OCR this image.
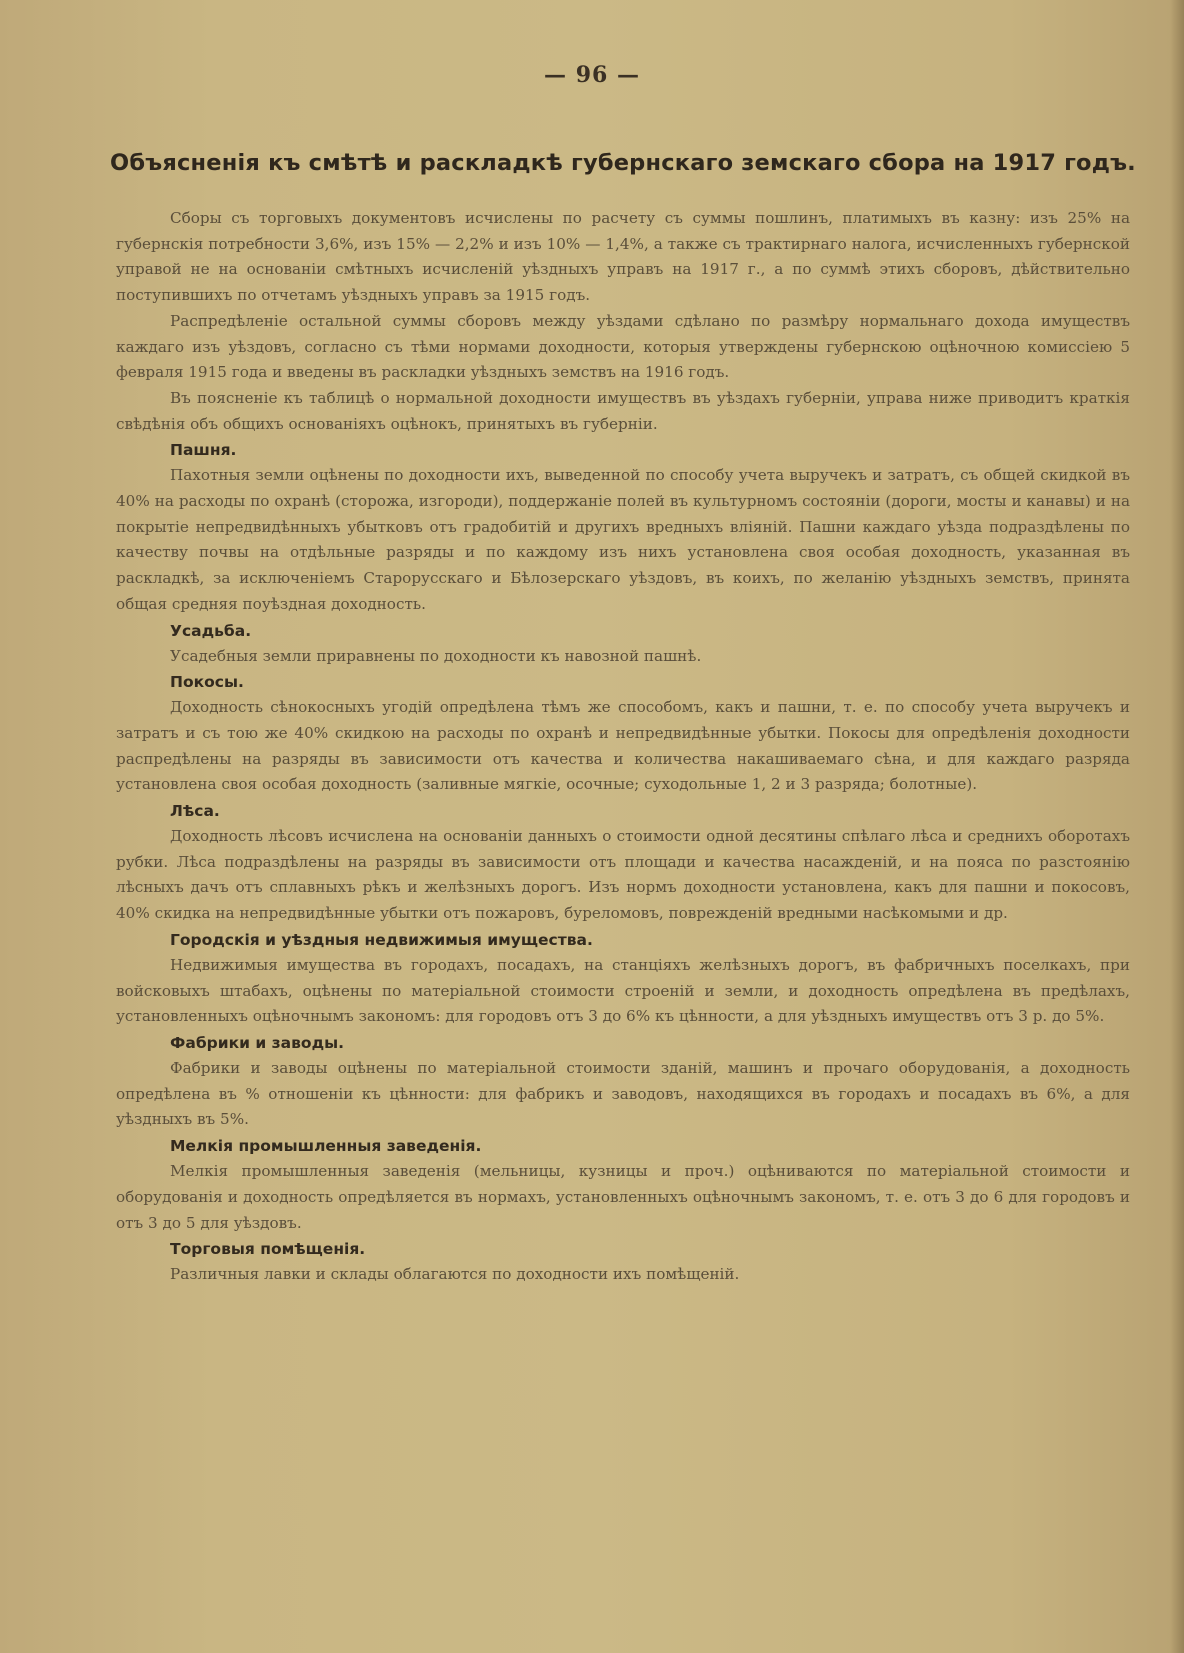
— 96 —
Объясненія къ смѣтѣ и раскладкѣ губернскаго земскаго сбора на 1917 годъ.

Сборы съ торговыхъ документовъ исчислены по расчету съ суммы пошлинъ, платимыхъ въ казну: изъ 25% на губернскія потребности 3,6%, изъ 15% — 2,2% и изъ 10% — 1,4%, а также съ трактирнаго налога, исчисленныхъ губернской управой не на основаніи смѣтныхъ исчисленій уѣздныхъ управъ на 1917 г., а по суммѣ этихъ сборовъ, дѣйствительно поступившихъ по отчетамъ уѣздныхъ управъ за 1915 годъ.

Распредѣленіе остальной суммы сборовъ между уѣздами сдѣлано по размѣру нормальнаго дохода имуществъ каждаго изъ уѣздовъ, согласно съ тѣми нормами доходности, которыя утверждены губернскою оцѣночною комиссіею 5 февраля 1915 года и введены въ раскладки уѣздныхъ земствъ на 1916 годъ.

Въ поясненіе къ таблицѣ о нормальной доходности имуществъ въ уѣздахъ губерніи, управа ниже приводитъ краткія свѣдѣнія объ общихъ основаніяхъ оцѣнокъ, принятыхъ въ губерніи.

Пашня.

Пахотныя земли оцѣнены по доходности ихъ, выведенной по способу учета выручекъ и затратъ, съ общей скидкой въ 40% на расходы по охранѣ (сторожа, изгороди), поддержаніе полей въ культурномъ состояніи (дороги, мосты и канавы) и на покрытіе непредвидѣнныхъ убытковъ отъ градобитій и другихъ вредныхъ вліяній. Пашни каждаго уѣзда подраздѣлены по качеству почвы на отдѣльные разряды и по каждому изъ нихъ установлена своя особая доходность, указанная въ раскладкѣ, за исключеніемъ Старорусскаго и Бѣлозерскаго уѣздовъ, въ коихъ, по желанію уѣздныхъ земствъ, принята общая средняя поуѣздная доходность.

Усадьба.

Усадебныя земли приравнены по доходности къ навозной пашнѣ.

Покосы.

Доходность сѣнокосныхъ угодій опредѣлена тѣмъ же способомъ, какъ и пашни, т. е. по способу учета выручекъ и затратъ и съ тою же 40% скидкою на расходы по охранѣ и непредвидѣнные убытки. Покосы для опредѣленія доходности распредѣлены на разряды въ зависимости отъ качества и количества накашиваемаго сѣна, и для каждаго разряда установлена своя особая доходность (заливные мягкіе, осочные; суходольные 1, 2 и 3 разряда; болотные).

Лѣса.

Доходность лѣсовъ исчислена на основаніи данныхъ о стоимости одной десятины спѣлаго лѣса и среднихъ оборотахъ рубки. Лѣса подраздѣлены на разряды въ зависимости отъ площади и качества насажденій, и на пояса по разстоянію лѣсныхъ дачъ отъ сплавныхъ рѣкъ и желѣзныхъ дорогъ. Изъ нормъ доходности установлена, какъ для пашни и покосовъ, 40% скидка на непредвидѣнные убытки отъ пожаровъ, буреломовъ, поврежденій вредными насѣкомыми и др.

Городскія и уѣздныя недвижимыя имущества.

Недвижимыя имущества въ городахъ, посадахъ, на станціяхъ желѣзныхъ дорогъ, въ фабричныхъ поселкахъ, при войсковыхъ штабахъ, оцѣнены по матеріальной стоимости строеній и земли, и доходность опредѣлена въ предѣлахъ, установленныхъ оцѣночнымъ закономъ: для городовъ отъ 3 до 6% къ цѣнности, а для уѣздныхъ имуществъ отъ 3 р. до 5%.

Фабрики и заводы.

Фабрики и заводы оцѣнены по матеріальной стоимости зданій, машинъ и прочаго оборудованія, а доходность опредѣлена въ % отношеніи къ цѣнности: для фабрикъ и заводовъ, находящихся въ городахъ и посадахъ въ 6%, а для уѣздныхъ въ 5%.

Мелкія промышленныя заведенія.

Мелкія промышленныя заведенія (мельницы, кузницы и проч.) оцѣниваются по матеріальной стоимости и оборудованія и доходность опредѣляется въ нормахъ, установленныхъ оцѣночнымъ закономъ, т. е. отъ 3 до 6 для городовъ и отъ 3 до 5 для уѣздовъ.

Торговыя помѣщенія.

Различныя лавки и склады облагаются по доходности ихъ помѣщеній.
